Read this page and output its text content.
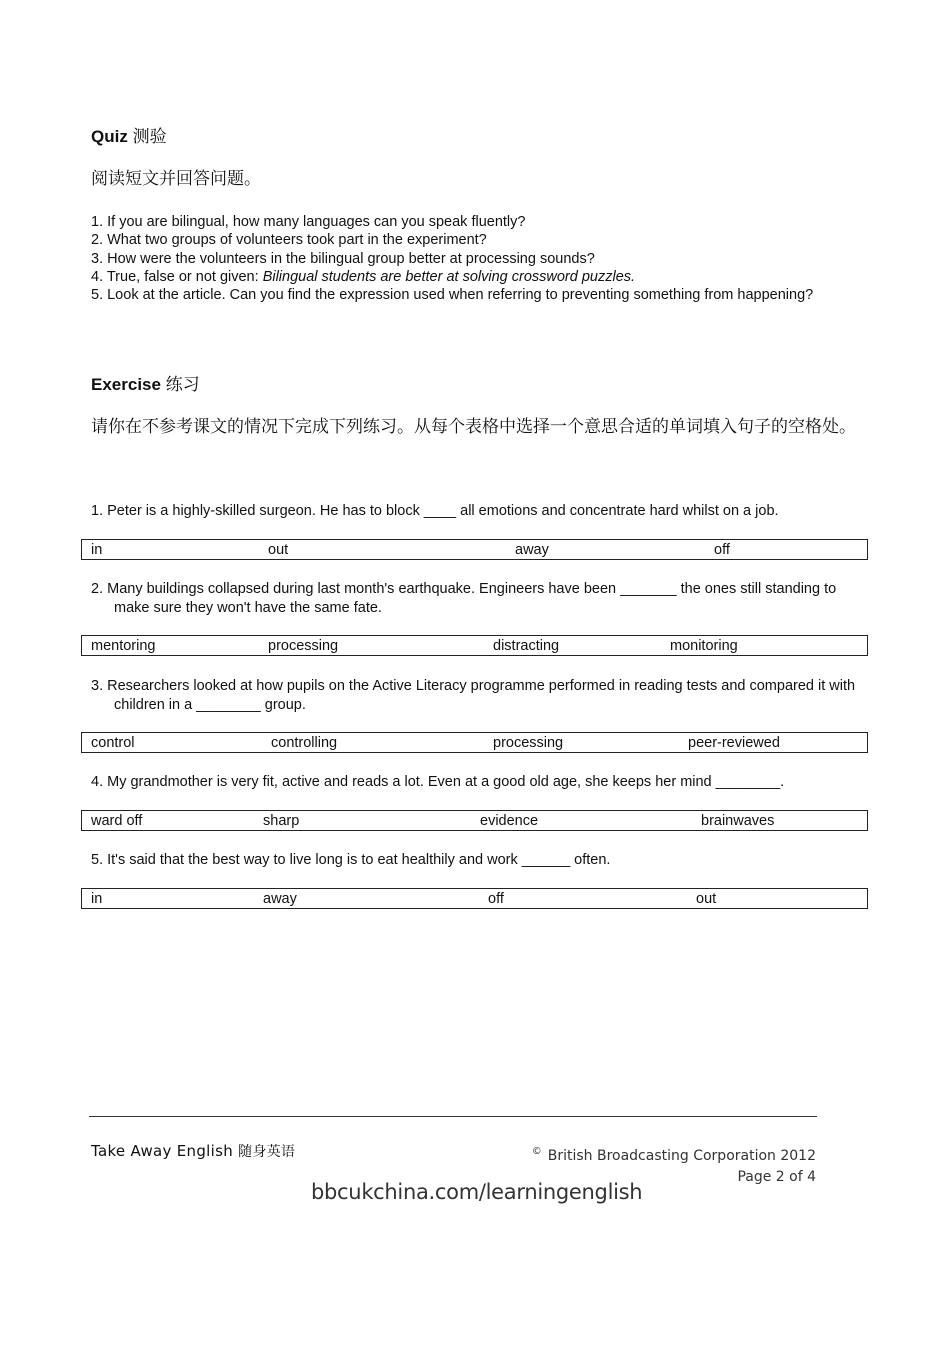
Quiz 测验
阅读短文并回答问题。
1. If you are bilingual, how many languages can you speak fluently?
2. What two groups of volunteers took part in the experiment?
3. How were the volunteers in the bilingual group better at processing sounds?
4. True, false or not given: Bilingual students are better at solving crossword puzzles.
5. Look at the article. Can you find the expression used when referring to preventing something from happening?
Exercise 练习
请你在不参考课文的情况下完成下列练习。从每个表格中选择一个意思合适的单词填入句子的空格处。
1. Peter is a highly-skilled surgeon. He has to block ____ all emotions and concentrate hard whilst on a job.
in	out	away	off
2. Many buildings collapsed during last month's earthquake. Engineers have been _______ the ones still standing to make sure they won't have the same fate.
mentoring	processing	distracting	monitoring
3. Researchers looked at how pupils on the Active Literacy programme performed in reading tests and compared it with children in a ________ group.
control	controlling	processing	peer-reviewed
4. My grandmother is very fit, active and reads a lot. Even at a good old age, she keeps her mind ________.
ward off	sharp	evidence	brainwaves
5. It's said that the best way to live long is to eat healthily and work ______ often.
in	away	off	out
Take Away English 随身英语	© British Broadcasting Corporation 2012
Page 2 of 4
bbcukchina.com/learningenglish
